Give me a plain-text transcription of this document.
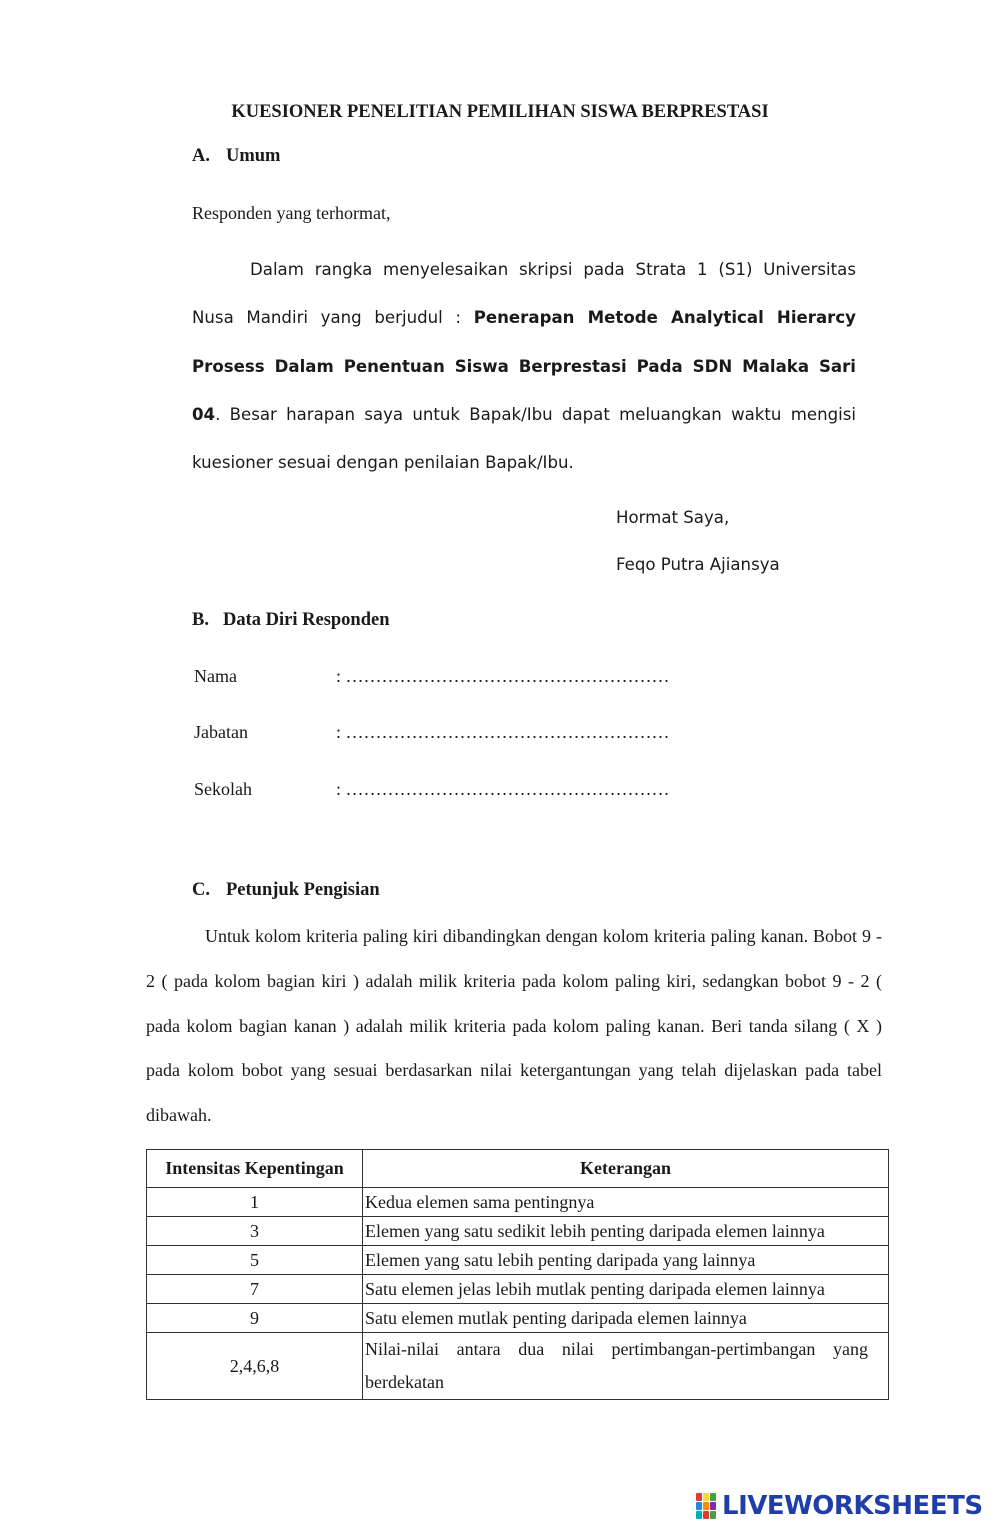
KUESIONER PENELITIAN PEMILIHAN SISWA BERPRESTASI
A. Umum
Responden yang terhormat,
Dalam rangka menyelesaikan skripsi pada Strata 1 (S1) Universitas Nusa Mandiri yang berjudul : Penerapan Metode Analytical Hierarcy Prosess Dalam Penentuan Siswa Berprestasi Pada SDN Malaka Sari 04. Besar harapan saya untuk Bapak/Ibu dapat meluangkan waktu mengisi kuesioner sesuai dengan penilaian Bapak/Ibu.
Hormat Saya,
Feqo Putra Ajiansya
B. Data Diri Responden
Nama	: ………………………………………………
Jabatan	: ………………………………………………
Sekolah	: ………………………………………………
C. Petunjuk Pengisian
Untuk kolom kriteria paling kiri dibandingkan dengan kolom kriteria paling kanan. Bobot 9 - 2 ( pada kolom bagian kiri ) adalah milik kriteria pada kolom paling kiri, sedangkan bobot 9 - 2 ( pada kolom bagian kanan ) adalah milik kriteria pada kolom paling kanan. Beri tanda silang ( X ) pada kolom bobot yang sesuai berdasarkan nilai ketergantungan yang telah dijelaskan pada tabel dibawah.
Intensitas Kepentingan	Keterangan
1	Kedua elemen sama pentingnya
3	Elemen yang satu sedikit lebih penting daripada elemen lainnya
5	Elemen yang satu lebih penting daripada yang lainnya
7	Satu elemen jelas lebih mutlak penting daripada elemen lainnya
9	Satu elemen mutlak penting daripada elemen lainnya
2,4,6,8	Nilai-nilai antara dua nilai pertimbangan-pertimbangan yang berdekatan
LIVEWORKSHEETS
